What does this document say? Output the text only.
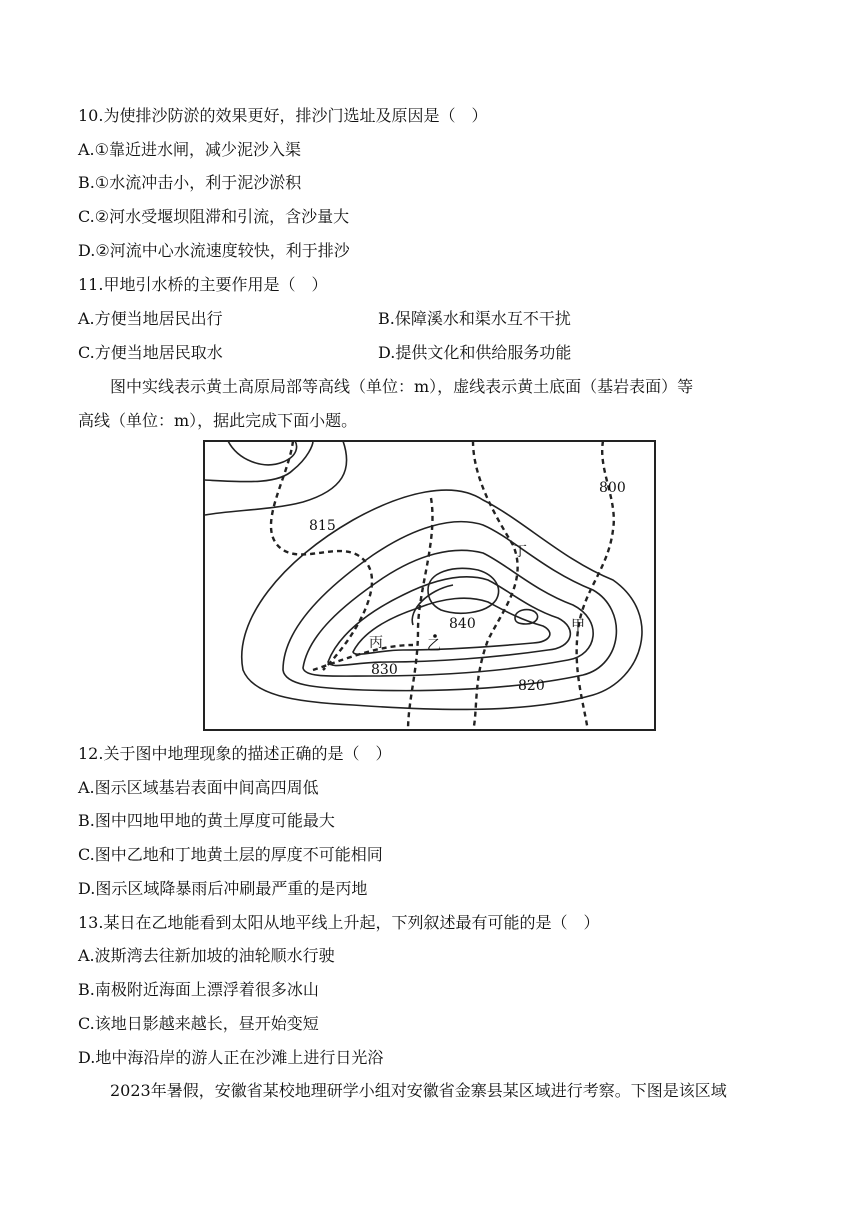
10.为使排沙防淤的效果更好，排沙门选址及原因是（　）
A.①靠近进水闸，减少泥沙入渠
B.①水流冲击小，利于泥沙淤积
C.②河水受堰坝阻滞和引流，含沙量大
D.②河流中心水流速度较快，利于排沙
11.甲地引水桥的主要作用是（　）
A.方便当地居民出行	B.保障溪水和渠水互不干扰
C.方便当地居民取水	D.提供文化和供给服务功能
图中实线表示黄土高原局部等高线（单位：m），虚线表示黄土底面（基岩表面）等
高线（单位：m），据此完成下面小题。
800
815
840
830
820
丁
甲
丙	乙
12.关于图中地理现象的描述正确的是（　）
A.图示区域基岩表面中间高四周低
B.图中四地甲地的黄土厚度可能最大
C.图中乙地和丁地黄土层的厚度不可能相同
D.图示区域降暴雨后冲刷最严重的是丙地
13.某日在乙地能看到太阳从地平线上升起，下列叙述最有可能的是（　）
A.波斯湾去往新加坡的油轮顺水行驶
B.南极附近海面上漂浮着很多冰山
C.该地日影越来越长，昼开始变短
D.地中海沿岸的游人正在沙滩上进行日光浴
2023年暑假，安徽省某校地理研学小组对安徽省金寨县某区域进行考察。下图是该区域
